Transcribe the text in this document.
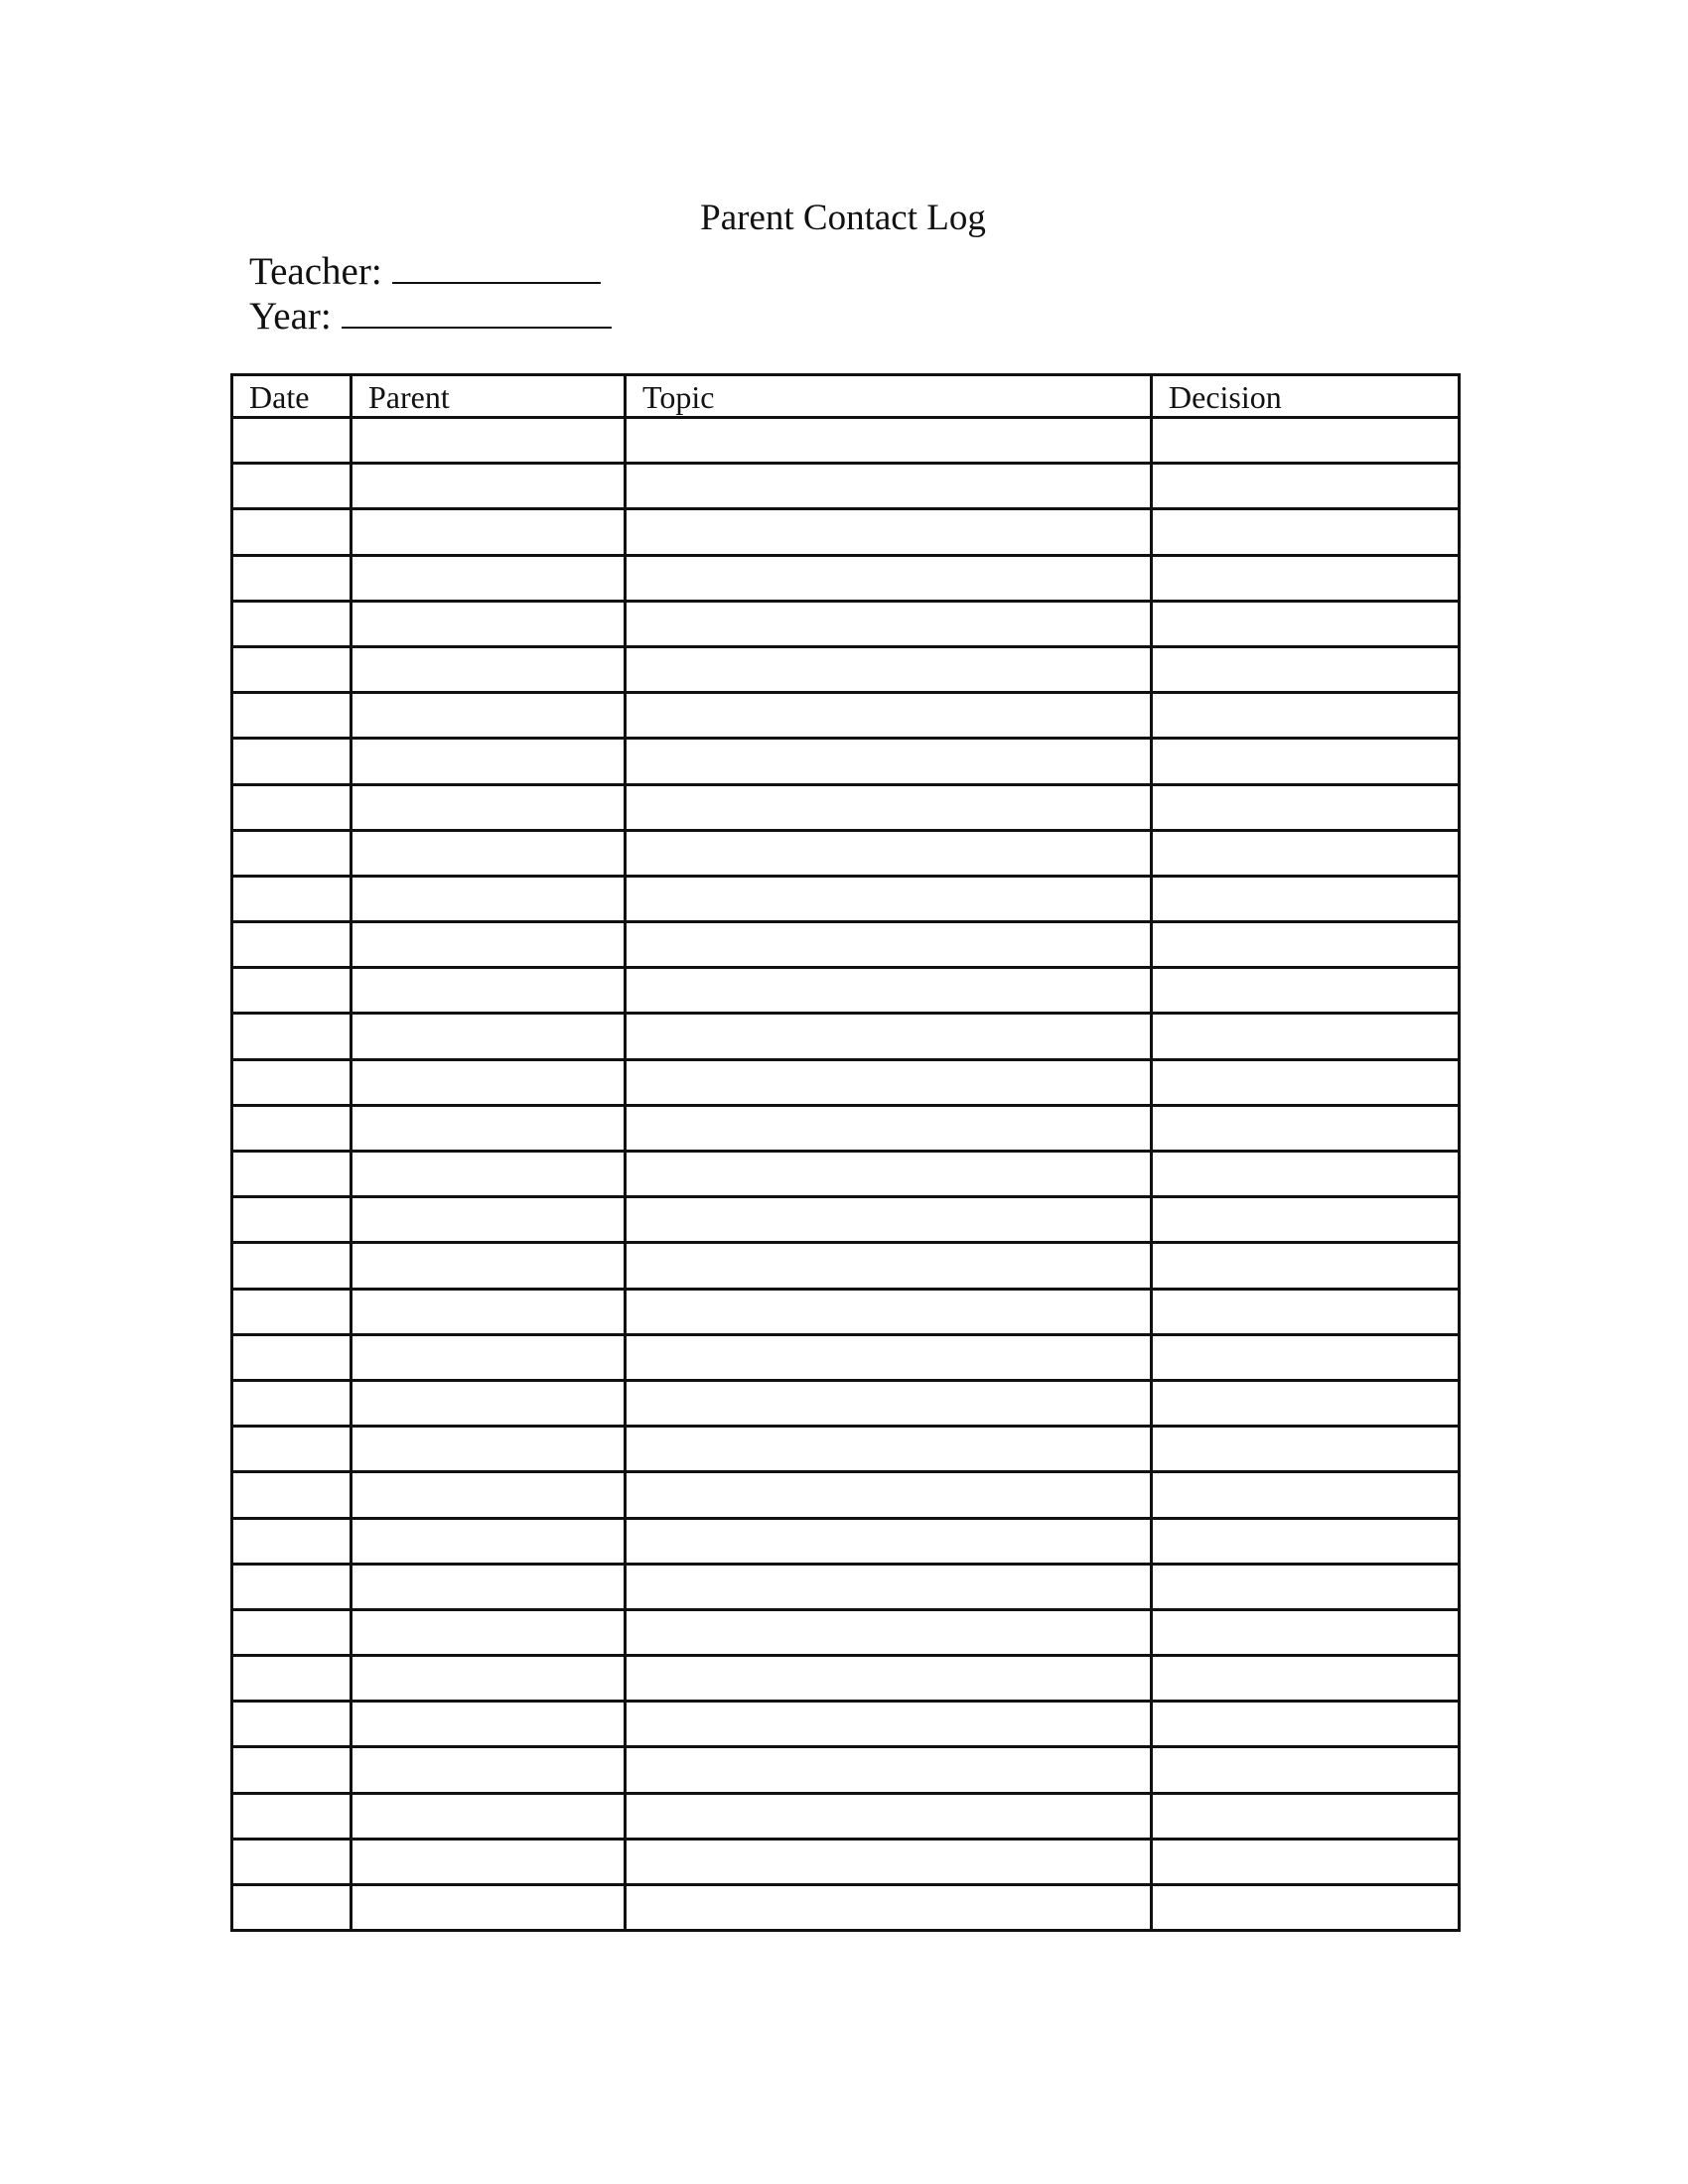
Parent Contact Log
Teacher:
Year:
Date	Parent	Topic	Decision
